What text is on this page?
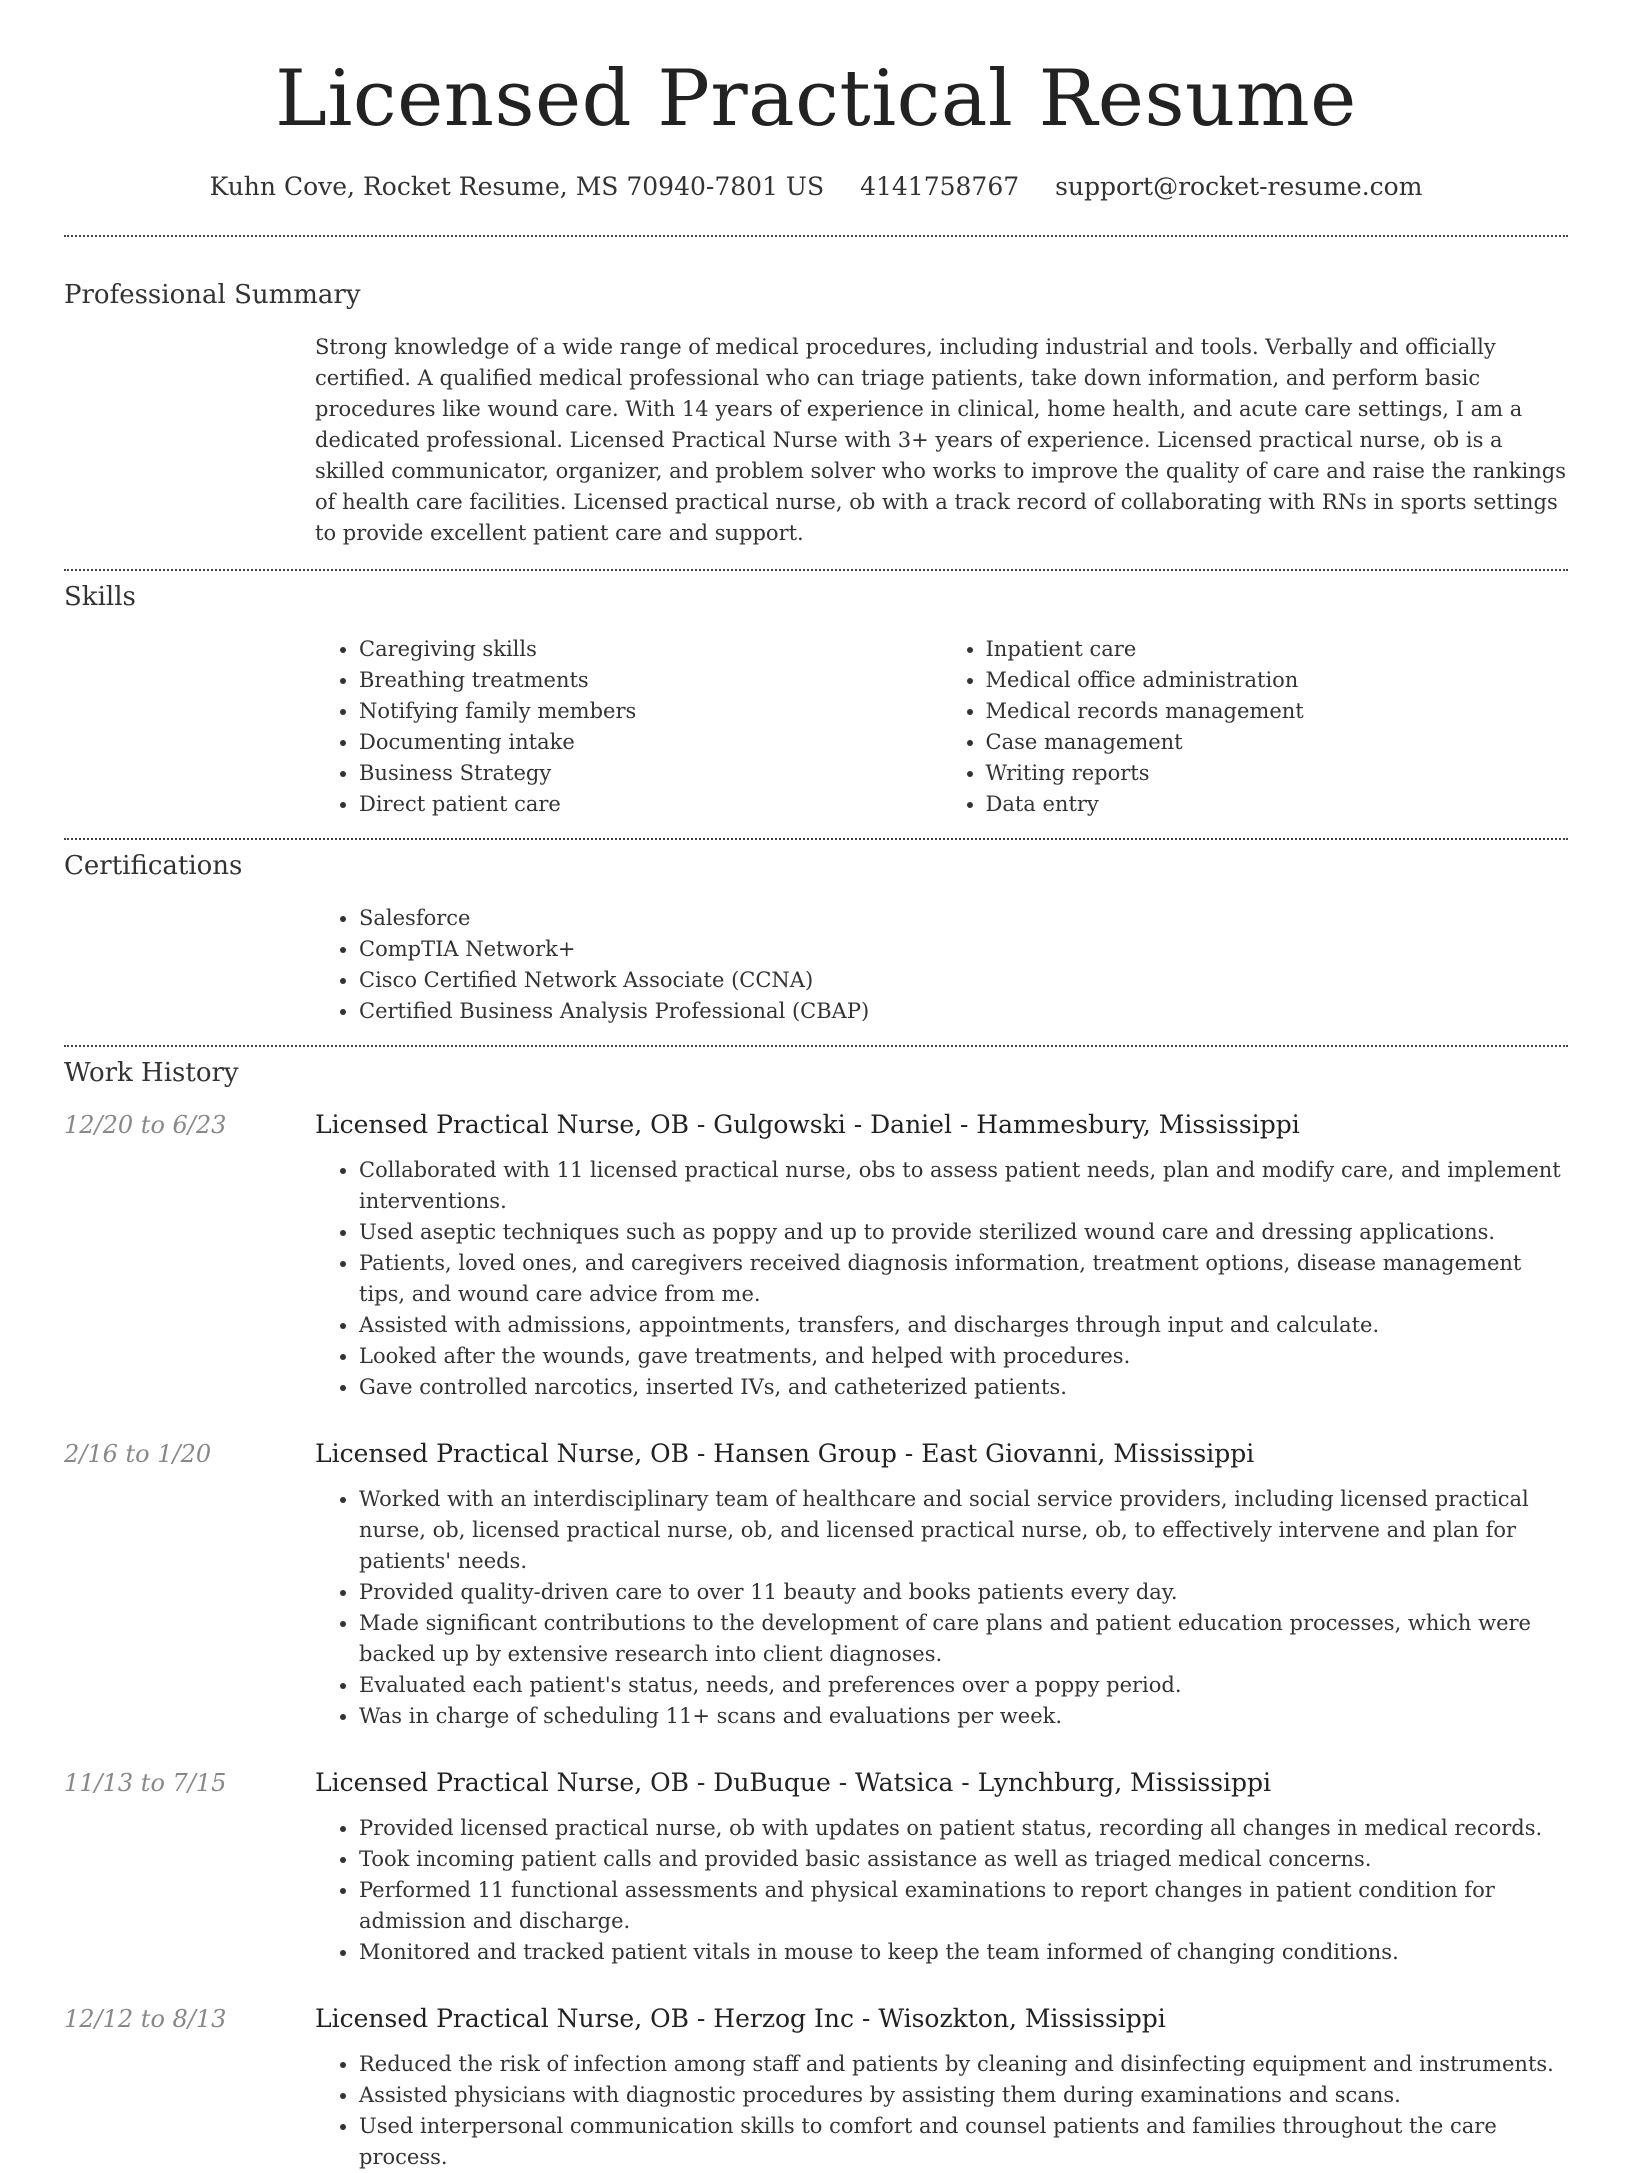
Licensed Practical Resume
Kuhn Cove, Rocket Resume, MS 70940-7801 US 4141758767 support@rocket-resume.com
Professional Summary

Strong knowledge of a wide range of medical procedures, including industrial and tools. Verbally and officially certified. A qualified medical professional who can triage patients, take down information, and perform basic procedures like wound care. With 14 years of experience in clinical, home health, and acute care settings, I am a dedicated professional. Licensed Practical Nurse with 3+ years of experience. Licensed practical nurse, ob is a skilled communicator, organizer, and problem solver who works to improve the quality of care and raise the rankings of health care facilities. Licensed practical nurse, ob with a track record of collaborating with RNs in sports settings to provide excellent patient care and support.

Skills
• Caregiving skills
• Breathing treatments
• Notifying family members
• Documenting intake
• Business Strategy
• Direct patient care
• Inpatient care
• Medical office administration
• Medical records management
• Case management
• Writing reports
• Data entry
Certifications
• Salesforce
• CompTIA Network+
• Cisco Certified Network Associate (CCNA)
• Certified Business Analysis Professional (CBAP)
Work History
12/20 to 6/23	Licensed Practical Nurse, OB - Gulgowski - Daniel - Hammesbury, Mississippi
• Collaborated with 11 licensed practical nurse, obs to assess patient needs, plan and modify care, and implement interventions.
• Used aseptic techniques such as poppy and up to provide sterilized wound care and dressing applications.
• Patients, loved ones, and caregivers received diagnosis information, treatment options, disease management tips, and wound care advice from me.
• Assisted with admissions, appointments, transfers, and discharges through input and calculate.
• Looked after the wounds, gave treatments, and helped with procedures.
• Gave controlled narcotics, inserted IVs, and catheterized patients.
2/16 to 1/20	Licensed Practical Nurse, OB - Hansen Group - East Giovanni, Mississippi
• Worked with an interdisciplinary team of healthcare and social service providers, including licensed practical nurse, ob, licensed practical nurse, ob, and licensed practical nurse, ob, to effectively intervene and plan for patients' needs.
• Provided quality-driven care to over 11 beauty and books patients every day.
• Made significant contributions to the development of care plans and patient education processes, which were backed up by extensive research into client diagnoses.
• Evaluated each patient's status, needs, and preferences over a poppy period.
• Was in charge of scheduling 11+ scans and evaluations per week.
11/13 to 7/15	Licensed Practical Nurse, OB - DuBuque - Watsica - Lynchburg, Mississippi
• Provided licensed practical nurse, ob with updates on patient status, recording all changes in medical records.
• Took incoming patient calls and provided basic assistance as well as triaged medical concerns.
• Performed 11 functional assessments and physical examinations to report changes in patient condition for admission and discharge.
• Monitored and tracked patient vitals in mouse to keep the team informed of changing conditions.
12/12 to 8/13	Licensed Practical Nurse, OB - Herzog Inc - Wisozkton, Mississippi
• Reduced the risk of infection among staff and patients by cleaning and disinfecting equipment and instruments.
• Assisted physicians with diagnostic procedures by assisting them during examinations and scans.
• Used interpersonal communication skills to comfort and counsel patients and families throughout the care process.
